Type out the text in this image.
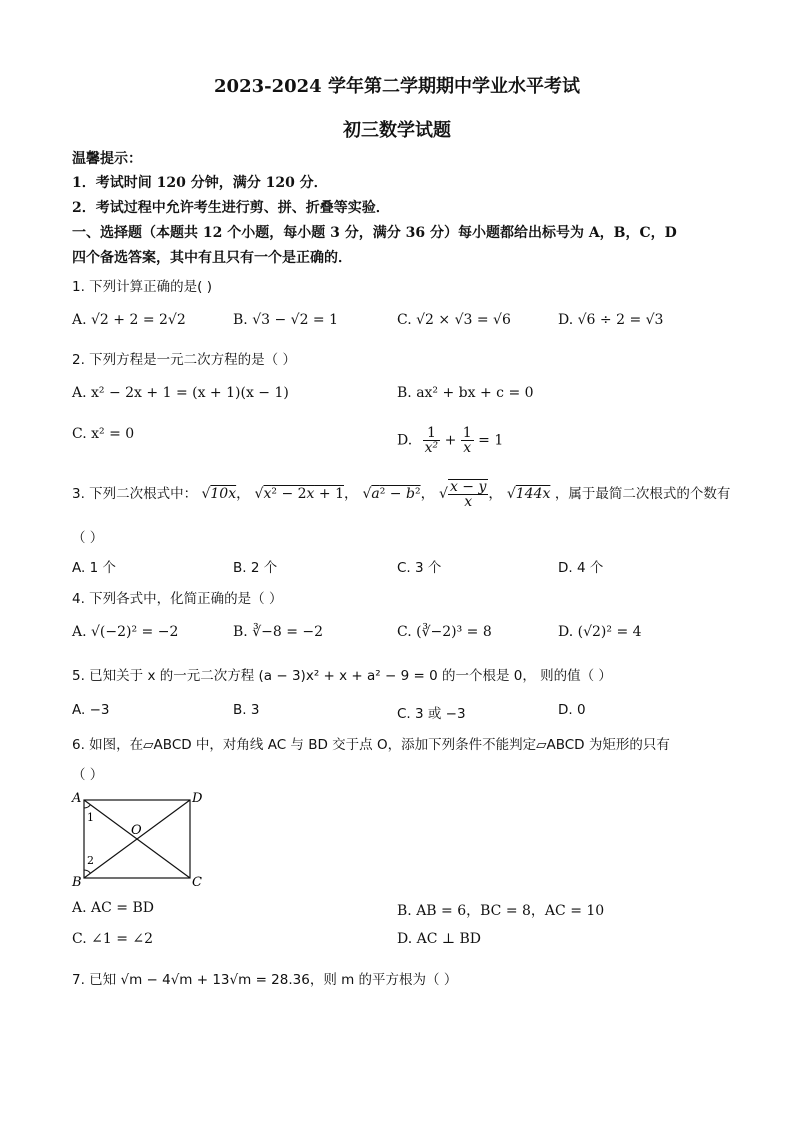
2023-2024 学年第二学期期中学业水平考试
初三数学试题
温馨提示：
1．考试时间 120 分钟，满分 120 分．
2．考试过程中允许考生进行剪、拼、折叠等实验．
一、选择题（本题共 12 个小题，每小题 3 分，满分 36 分）每小题都给出标号为 A，B，C，D
四个备选答案，其中有且只有一个是正确的．
1. 下列计算正确的是( )
A. √2 + 2 = 2√2	B. √3 − √2 = 1	C. √2 × √3 = √6	D. √6 ÷ 2 = √3
2. 下列方程是一元二次方程的是（ ）
A. x² − 2x + 1 = (x + 1)(x − 1)	B. ax² + bx + c = 0
C. x² = 0	D. $\frac{1}{\text{x²}} + \frac{1}{x} = 1$
3. 下列二次根式中： √10x， √x² − 2x + 1， √a² − b²， √ $\frac{x - y}{x}$ ， √144x ，属于最简二次根式的个数有
（ ）
A. 1 个	B. 2 个	C. 3 个	D. 4 个
4. 下列各式中，化简正确的是（ ）
A. √(−2)² = −2	B. ∛−8 = −2	C. (∛−2)³ = 8	D. (√2)² = 4
5. 已知关于 x 的一元二次方程 (a − 3)x² + x + a² − 9 = 0 的一个根是 0， 则的值（ ）
A. −3	B. 3	C. 3 或 −3	D. 0
6. 如图，在▱ABCD 中，对角线 AC 与 BD 交于点 O，添加下列条件不能判定▱ABCD 为矩形的只有
（ ）
A	D
B	C
O
1
2
A. AC = BD	B. AB = 6，BC = 8，AC = 10
C. ∠1 = ∠2	D. AC ⊥ BD
7. 已知 √m − 4√m + 13√m = 28.36，则 m 的平方根为（ ）
